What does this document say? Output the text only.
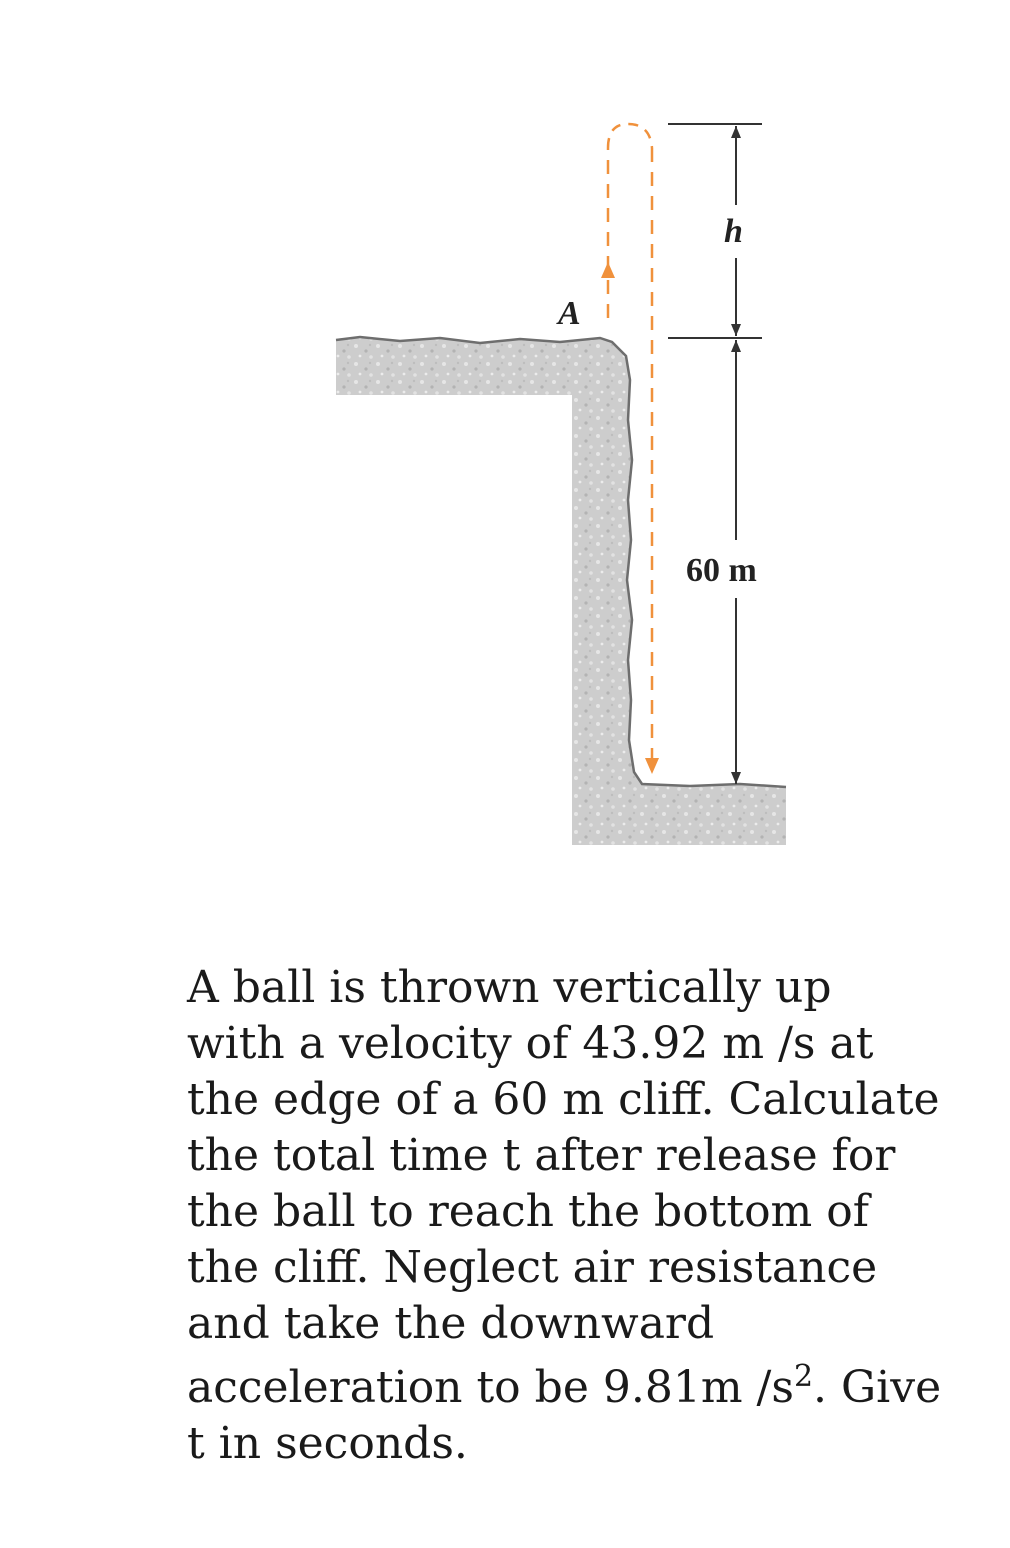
A
h
60 m
A ball is thrown vertically up
with a velocity of 43.92 m /s at
the edge of a 60 m cliff. Calculate
the total time t after release for
the ball to reach the bottom of
the cliff. Neglect air resistance
and take the downward
acceleration to be 9.81m $/s^2$. Give
t in seconds.
